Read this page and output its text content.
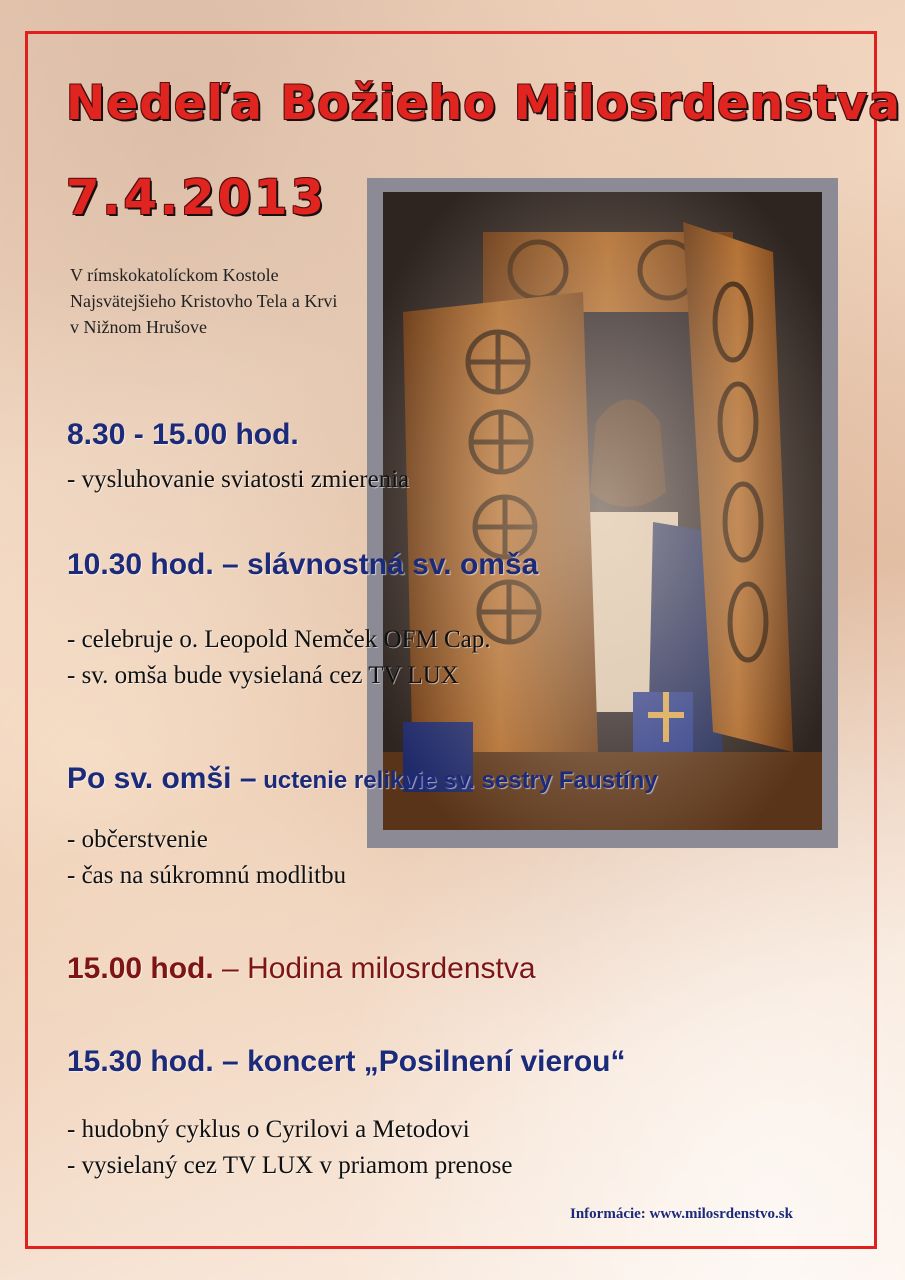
Nedeľa Božieho Milosrdenstva
7.4.2013
V rímskokatolíckom Kostole
Najsvätejšieho Kristovho Tela a Krvi
v Nižnom Hrušove
8.30 - 15.00 hod.
- vysluhovanie sviatosti zmierenia
10.30 hod. – slávnostná sv. omša
- celebruje o. Leopold Nemček OFM Cap.
- sv. omša bude vysielaná cez TV LUX
Po sv. omši – uctenie relikvie sv. sestry Faustíny
- občerstvenie
- čas na súkromnú modlitbu
15.00 hod. – Hodina milosrdenstva
15.30 hod. – koncert „Posilnení vierou“
- hudobný cyklus o Cyrilovi a Metodovi
- vysielaný cez TV LUX v priamom prenose
Informácie: www.milosrdenstvo.sk
